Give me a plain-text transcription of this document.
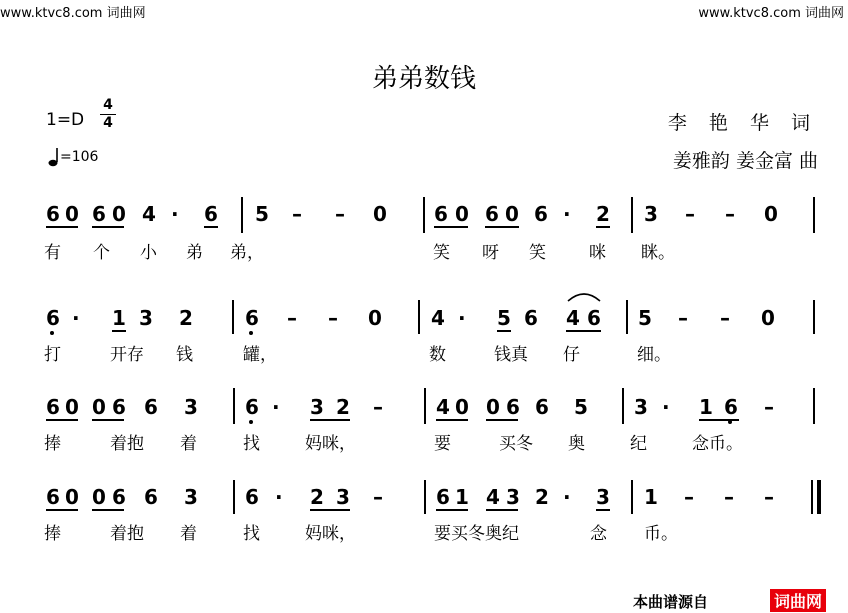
www.ktvc8.com 词曲网	www.ktvc8.com 词曲网
弟弟数钱
1=D
4
4
=106
李 艳 华 词
姜雅韵 姜金富 曲
6 0 6 0 4 · 6 5 – – 0 6 0 6 0 6 · 2 3 – – 0
有 个 小 弟 弟，	笑 呀 笑	咪 眯。
6 · 1 3 2	6 – – 0 4 · 5 6 4 6 5 – – 0
打	开存 钱	罐，	数	钱真 仔	细。
6 0 0 6 6 3 6 · 3 2 –	4 0 0 6 6 5 3 · 1 6 –
捧	着抱 着	找	妈咪，	要	买冬 奥	纪	念币。
6 0 0 6 6 3 6 · 2 3 –	6 1 4 3 2 · 3 1 – – –
捧	着抱 着	找	妈咪，	要买冬奥纪	念 币。
本曲谱源自	词曲网
